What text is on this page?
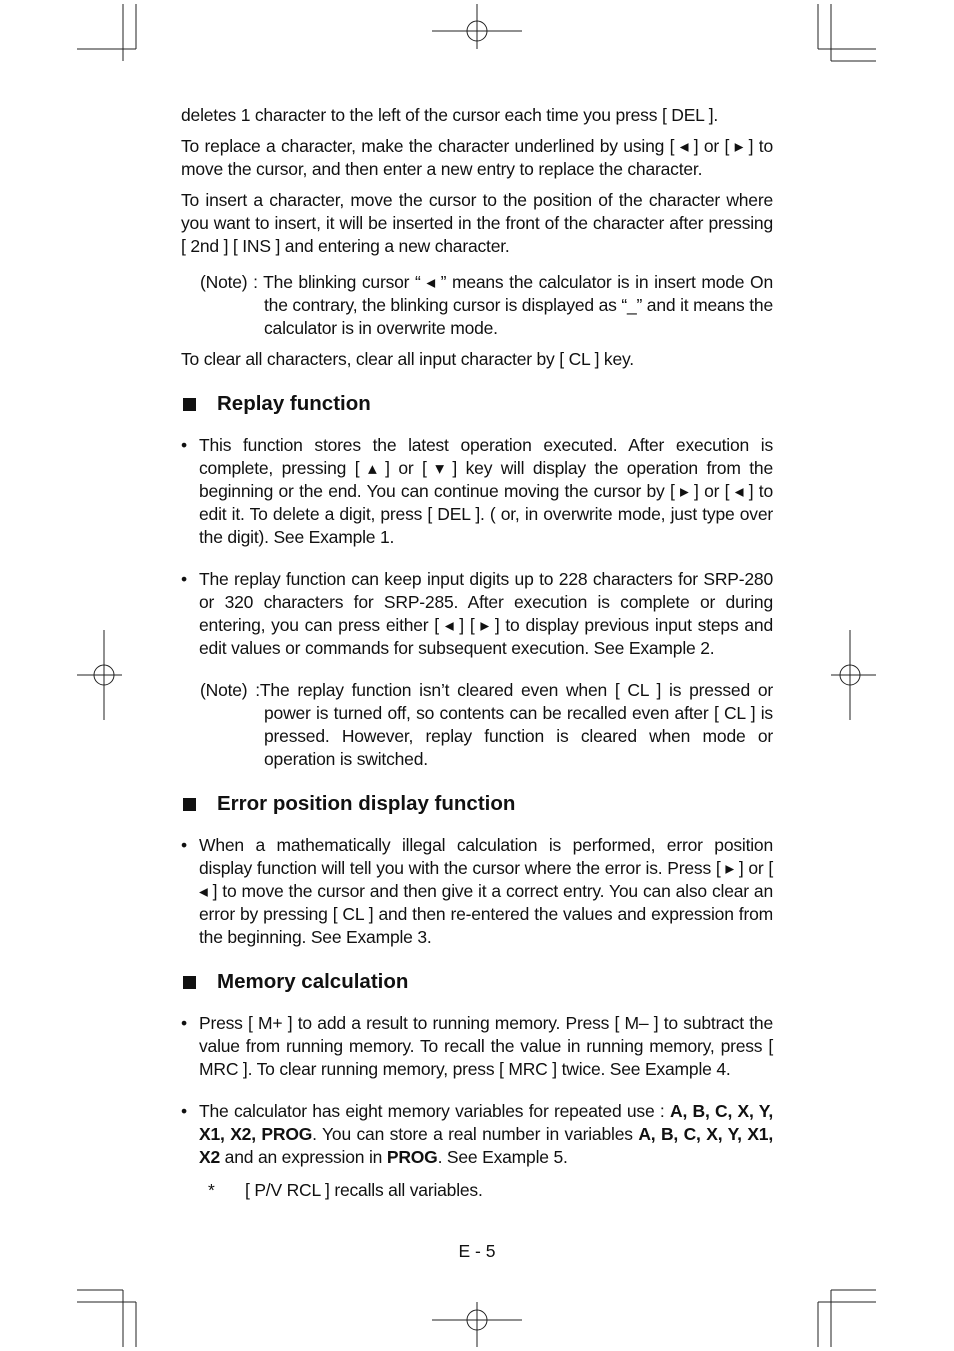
deletes 1 character to the left of the cursor each time you press [ DEL ].

To replace a character, make the character underlined by using [ ◂ ] or [ ▸ ] to move the cursor, and then enter a new entry to replace the character.

To insert a character, move the cursor to the position of the character where you want to insert, it will be inserted in the front of the character after pressing [ 2nd ] [ INS ] and entering a new character.

(Note) : The blinking cursor “ ◂ ” means the calculator is in insert mode On the contrary, the blinking cursor is displayed as “_” and it means the calculator is in overwrite mode.

To clear all characters, clear all input character by [ CL ] key.

Replay function

• This function stores the latest operation executed. After execution is complete, pressing [ ▴ ] or [ ▾ ] key will display the operation from the beginning or the end. You can continue moving the cursor by [ ▸ ] or [ ◂ ] to edit it. To delete a digit, press [ DEL ]. ( or, in overwrite mode, just type over the digit). See Example 1.

• The replay function can keep input digits up to 228 characters for SRP-280 or 320 characters for SRP-285. After execution is complete or during entering, you can press either [ ◂ ] [ ▸ ] to display previous input steps and edit values or commands for subsequent execution. See Example 2.

(Note) :The replay function isn’t cleared even when [ CL ] is pressed or power is turned off, so contents can be recalled even after [ CL ] is pressed. However, replay function is cleared when mode or operation is switched.

Error position display function

• When a mathematically illegal calculation is performed, error position display function will tell you with the cursor where the error is. Press [ ▸ ] or [ ◂ ] to move the cursor and then give it a correct entry. You can also clear an error by pressing [ CL ] and then re-entered the values and expression from the beginning. See Example 3.

Memory calculation

• Press [ M+ ] to add a result to running memory. Press [ M– ] to subtract the value from running memory. To recall the value in running memory, press [ MRC ]. To clear running memory, press [ MRC ] twice. See Example 4.

• The calculator has eight memory variables for repeated use : A, B, C, X, Y, X1, X2, PROG. You can store a real number in variables A, B, C, X, Y, X1, X2 and an expression in PROG. See Example 5.

* [ P/V RCL ] recalls all variables.

E - 5
